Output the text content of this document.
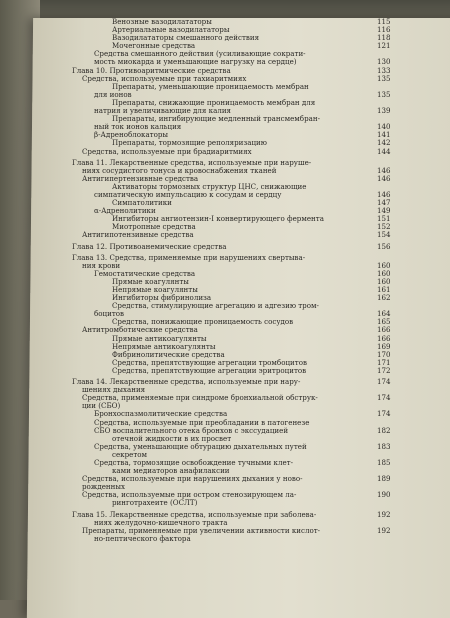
Венозные вазодилататоры	115
Артериальные вазодилататоры	116
Вазодилататоры смешанного действия	118
Мочегонные средства	121
Средства смешанного действия (усиливающие сократи-
мость миокарда и уменьшающие нагрузку на сердце)	130
Глава 10. Противоаритмические средства	133
Средства, используемые при тахиаритмиях	135
Препараты, уменьшающие проницаемость мембран
для ионов	135
Препараты, снижающие проницаемость мембран для
натрия и увеличивающие для калия	139
Препараты, ингибирующие медленный трансмембран-
ный ток ионов кальция	140
β-Адреноблокаторы	141
Препараты, тормозящие реполяризацию	142
Средства, используемые при брадиаритмиях	144
Глава 11. Лекарственные средства, используемые при наруше-
ниях сосудистого тонуса и кровоснабжения тканей	146
Антигипертензивные средства	146
Активаторы тормозных структур ЦНС, снижающие
симпатическую импульсацию к сосудам и сердцу	146
Симпатолитики	147
α-Адренолитики	149
Ингибиторы ангиотензин-I конвертирующего фермента	151
Миотропные средства	152
Антигипотензивные средства	154
Глава 12. Противоанемические средства	156
Глава 13. Средства, применяемые при нарушениях свертыва-
ния крови	160
Гемостатические средства	160
Прямые коагулянты	160
Непрямые коагулянты	161
Ингибиторы фибринолиза	162
Средства, стимулирующие агрегацию и адгезию тром-
боцитов	164
Средства, понижающие проницаемость сосудов	165
Антитромботические средства	166
Прямые антикоагулянты	166
Непрямые антикоагулянты	169
Фибринолитические средства	170
Средства, препятствующие агрегации тромбоцитов	171
Средства, препятствующие агрегации эритроцитов	172
Глава 14. Лекарственные средства, используемые при нару-	174
шениях дыхания
Средства, применяемые при синдроме бронхиальной обструк-	174
ции (СБО)
Бронхоспазмолитические средства	174
Средства, используемые при преобладании в патогенезе
СБО воспалительного отека бронхов с экссудацией	182
отечной жидкости в их просвет
Средства, уменьшающие обтурацию дыхательных путей	183
секретом
Средства, тормозящие освобождение тучными клет-	185
ками медиаторов анафилаксии
Средства, используемые при нарушениях дыхания у ново-	189
рожденных
Средства, используемые при остром стенозирующем ла-	190
ринготрахеите (ОСЛТ)
Глава 15. Лекарственные средства, используемые при заболева-	192
ниях желудочно-кишечного тракта
Препараты, применяемые при увеличении активности кислот-	192
но-пептического фактора
